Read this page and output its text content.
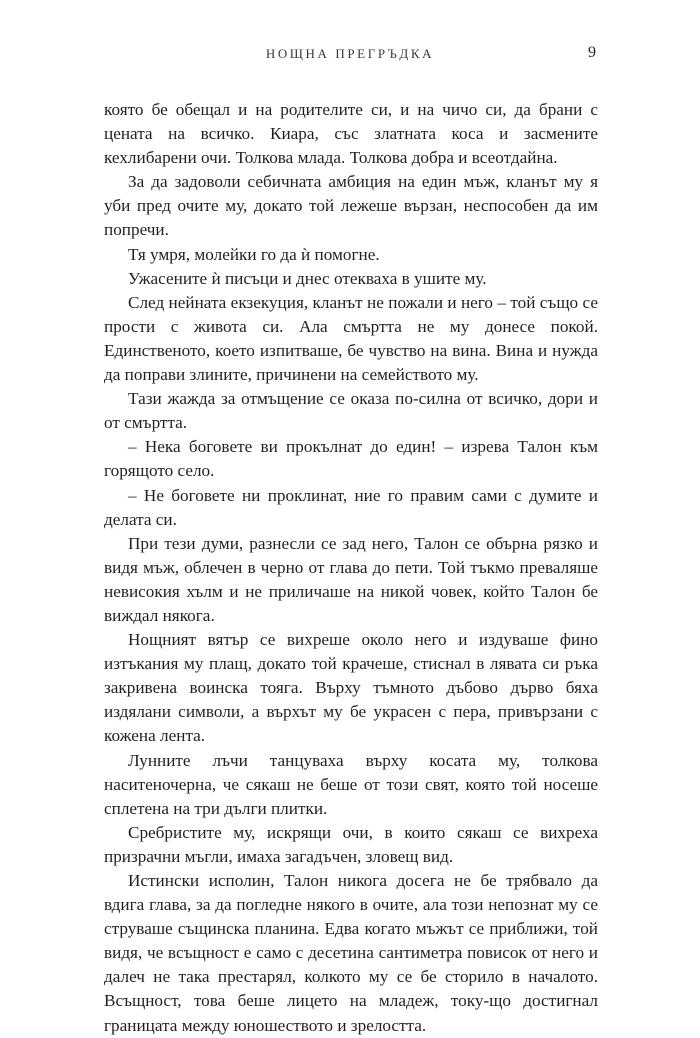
НОЩНА ПРЕГРЪДКА	9

която бе обещал и на родителите си, и на чичо си, да брани с цената на всичко. Киара, със златната коса и засмените кехлибарени очи. Толкова млада. Толкова добра и всеотдайна.

За да задоволи себичната амбиция на един мъж, кланът му я уби пред очите му, докато той лежеше вързан, неспособен да им попречи.

Тя умря, молейки го да ѝ помогне.

Ужасените ѝ писъци и днес отекваха в ушите му.

След нейната екзекуция, кланът не пожали и него – той също се прости с живота си. Ала смъртта не му донесе покой. Единственото, което изпитваше, бе чувство на вина. Вина и нужда да поправи злините, причинени на семейството му.

Тази жажда за отмъщение се оказа по-силна от всичко, дори и от смъртта.

– Нека боговете ви прокълнат до един! – изрева Талон към горящото село.

– Не боговете ни проклинат, ние го правим сами с думите и делата си.

При тези думи, разнесли се зад него, Талон се обърна рязко и видя мъж, облечен в черно от глава до пети. Той тъкмо преваляше невисокия хълм и не приличаше на никой човек, който Талон бе виждал някога.

Нощният вятър се вихреше около него и издуваше фино изтъкания му плащ, докато той крачеше, стиснал в лявата си ръка закривена воинска тояга. Върху тъмното дъбово дърво бяха издялани символи, а върхът му бе украсен с пера, привързани с кожена лента.

Лунните лъчи танцуваха върху косата му, толкова наситеночерна, че сякаш не беше от този свят, която той носеше сплетена на три дълги плитки.

Сребристите му, искрящи очи, в които сякаш се вихреха призрачни мъгли, имаха загадъчен, зловещ вид.

Истински исполин, Талон никога досега не бе трябвало да вдига глава, за да погледне някого в очите, ала този непознат му се струваше същинска планина. Едва когато мъжът се приближи, той видя, че всъщност е само с десетина сантиметра повисок от него и далеч не така престарял, колкото му се бе сторило в началото. Всъщност, това беше лицето на младеж, току-що достигнал границата между юношеството и зрелостта.
